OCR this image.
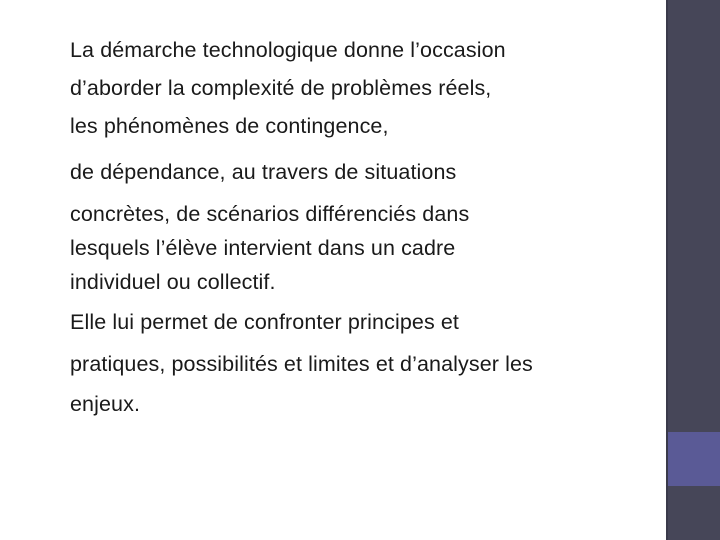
La démarche technologique donne l’occasion
d’aborder la complexité de problèmes réels,
les phénomènes de contingence,
de dépendance, au travers de situations
concrètes, de scénarios différenciés dans
lesquels l’élève intervient dans un cadre
individuel ou collectif.
Elle lui permet de confronter principes et
pratiques, possibilités et limites et d’analyser les
enjeux.
